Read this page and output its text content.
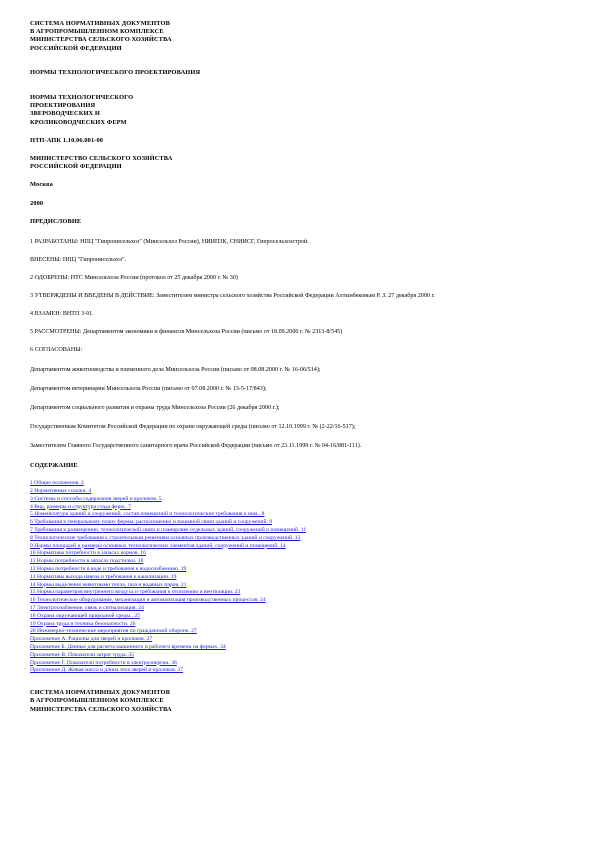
СИСТЕМА НОРМАТИВНЫХ ДОКУМЕНТОВ
В АГРОПРОМЫШЛЕННОМ КОМПЛЕКСЕ
МИНИСТЕРСТВА СЕЛЬСКОГО ХОЗЯЙСТВА
РОССИЙСКОЙ ФЕДЕРАЦИИ
НОРМЫ ТЕХНОЛОГИЧЕСКОГО ПРОЕКТИРОВАНИЯ
НОРМЫ ТЕХНОЛОГИЧЕСКОГО
ПРОЕКТИРОВАНИЯ
ЗВЕРОВОДЧЕСКИХ И
КРОЛИКОВОДЧЕСКИХ ФЕРМ
НТП-АПК 1.10.06.001-00
МИНИСТЕРСТВО СЕЛЬСКОГО ХОЗЯЙСТВА
РОССИЙСКОЙ ФЕДЕРАЦИИ
Москва
2000
ПРЕДИСЛОВИЕ

1 РАЗРАБОТАНЫ: НПЦ "Гипронисельхоз" (Минсельхоз России), НИИПЗК, СНИИСГ, Гипросельхозстрой.

ВНЕСЕНЫ: НПЦ "Гипронисельхоз".

2 ОДОБРЕНЫ: НТС Минсельхоза России (протокол от 25 декабря 2000 г. № 30)

3 УТВЕРЖДЕНЫ И ВВЕДЕНЫ В ДЕЙСТВИЕ: Заместителем министра сельского хозяйства Российской Федерации Алтынбековым Р. З. 27 декабря 2000 г.

4 ВЗАМЕН: ВНТП 3-91.

5 РАССМОТРЕНЫ: Департаментом экономики и финансов Минсельхоза России (письмо от 18.09.2000 г. № 2313-8/545)

6 СОГЛАСОВАНЫ:

Департаментом животноводства и племенного дела Минсельхоза России (письмо от 08.08.2000 г. № 16-06/514);

Департаментом ветеринарии Минсельхоза России (письмо от 07.08.2000 г. № 13-5-17/843);

Департаментом социального развития и охраны труда Минсельхоза России (26 декабря 2000 г.);

Государственным Комитетом Российской Федерации по охране окружающей среды (письмо от 12.10.1999 г. № (2-22/16-517);

Заместителем Главного Государственного санитарного врача Российской Федерации (письмо от 23.11.1999 г. № 04-16/881-111).

СОДЕРЖАНИЕ
1 Общие положения. 2
2 Нормативные ссылки. 4
3 Системы и способы содержания зверей и кроликов. 5
4 Вид, размеры и структура стада ферм.. 7
5 Номенклатура зданий и сооружений, состав помещений и технологические требования к ним.. 8
6 Требования к генеральному плану фермы, расположению и взаимной связи зданий и сооружений. 9
7 Требования к размещению, технологической связи и планировке отдельных зданий, сооружений и помещений. 11
8 Технологические требования к строительным решениям основных производственных зданий и сооружений. 13
9 Нормы площадей и размеры основных технологических элементов зданий, сооружений и помещений. 14
10 Нормативы потребности в запасах кормов. 16
11 Нормы потребности в запасах подстилки. 18
12 Нормы потребности в воде и требования к водоснабжению. 19
13 Нормативы выхода навоза и требования к канализации. 19
14 Нормы выделения животными тепла, газа и водяных паров. 21
15 Нормы параметров внутреннего воздуха и требования к отоплению и вентиляции. 23
16 Технологическое оборудование, механизация и автоматизация производственных процессов. 24
17 Электроснабжение, связь и сигнализация. 24
18 Охрана окружающей природной среды.. 25
19 Охрана труда и техника безопасности. 26
20 Инженерно-технические мероприятия по гражданской обороне. 27
Приложение А. Рационы для зверей и кроликов. 27
Приложение Б. Данные для расчета машинного и рабочего времени на фермах. 34
Приложение В. Показатели затрат труда. 35
Приложение Г. Показатели потребности в электроэнергии. 36
Приложение Д. Живая масса и длина тела зверей и кроликов. 37
СИСТЕМА НОРМАТИВНЫХ ДОКУМЕНТОВ
В АГРОПРОМЫШЛЕННОМ КОМПЛЕКСЕ
МИНИСТЕРСТВА СЕЛЬСКОГО ХОЗЯЙСТВА
